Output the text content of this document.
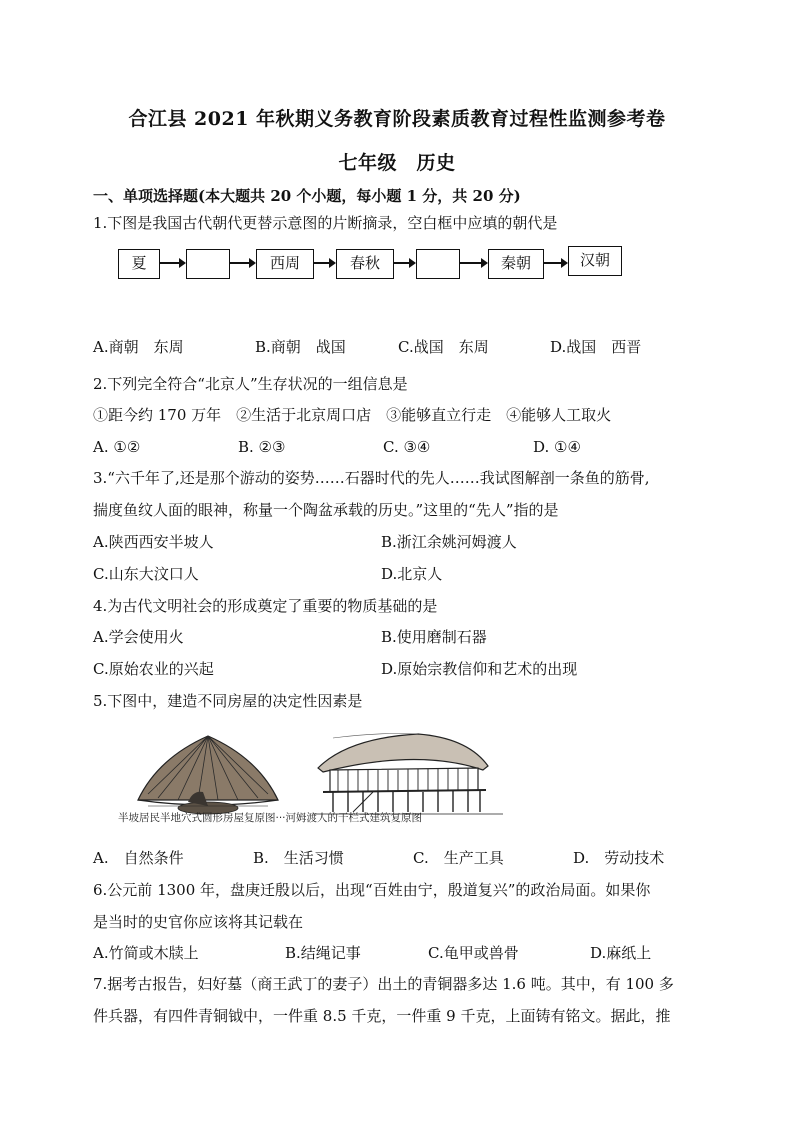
合江县 2021 年秋期义务教育阶段素质教育过程性监测参考卷
七年级　历史
一、单项选择题(本大题共 20 个小题，每小题 1 分，共 20 分)
1.下图是我国古代朝代更替示意图的片断摘录，空白框中应填的朝代是
夏	西周	春秋	秦朝	汉朝
A.商朝　东周	B.商朝　战国	C.战国　东周	D.战国　西晋
2.下列完全符合“北京人”生存状况的一组信息是
①距今约 170 万年　②生活于北京周口店　③能够直立行走　④能够人工取火
A. ①②	B. ②③	C. ③④	D. ①④
3.“六千年了,还是那个游动的姿势……石器时代的先人……我试图解剖一条鱼的筋骨,
揣度鱼纹人面的眼神，称量一个陶盆承载的历史。”这里的“先人”指的是
A.陕西西安半坡人	B.浙江余姚河姆渡人
C.山东大汶口人	D.北京人
4.为古代文明社会的形成奠定了重要的物质基础的是
A.学会使用火	B.使用磨制石器
C.原始农业的兴起	D.原始宗教信仰和艺术的出现
5.下图中，建造不同房屋的决定性因素是
半坡居民半地穴式圆形房屋复原图···河姆渡人的干栏式建筑复原图
A.　自然条件	B.　生活习惯	C.　生产工具	D.　劳动技术
6.公元前 1300 年，盘庚迁殷以后，出现“百姓由宁，殷道复兴”的政治局面。如果你
是当时的史官你应该将其记载在
A.竹简或木牍上	B.结绳记事	C.龟甲或兽骨	D.麻纸上
7.据考古报告，妇好墓（商王武丁的妻子）出土的青铜器多达 1.6 吨。其中，有 100 多
件兵器，有四件青铜钺中，一件重 8.5 千克，一件重 9 千克，上面铸有铭文。据此，推
